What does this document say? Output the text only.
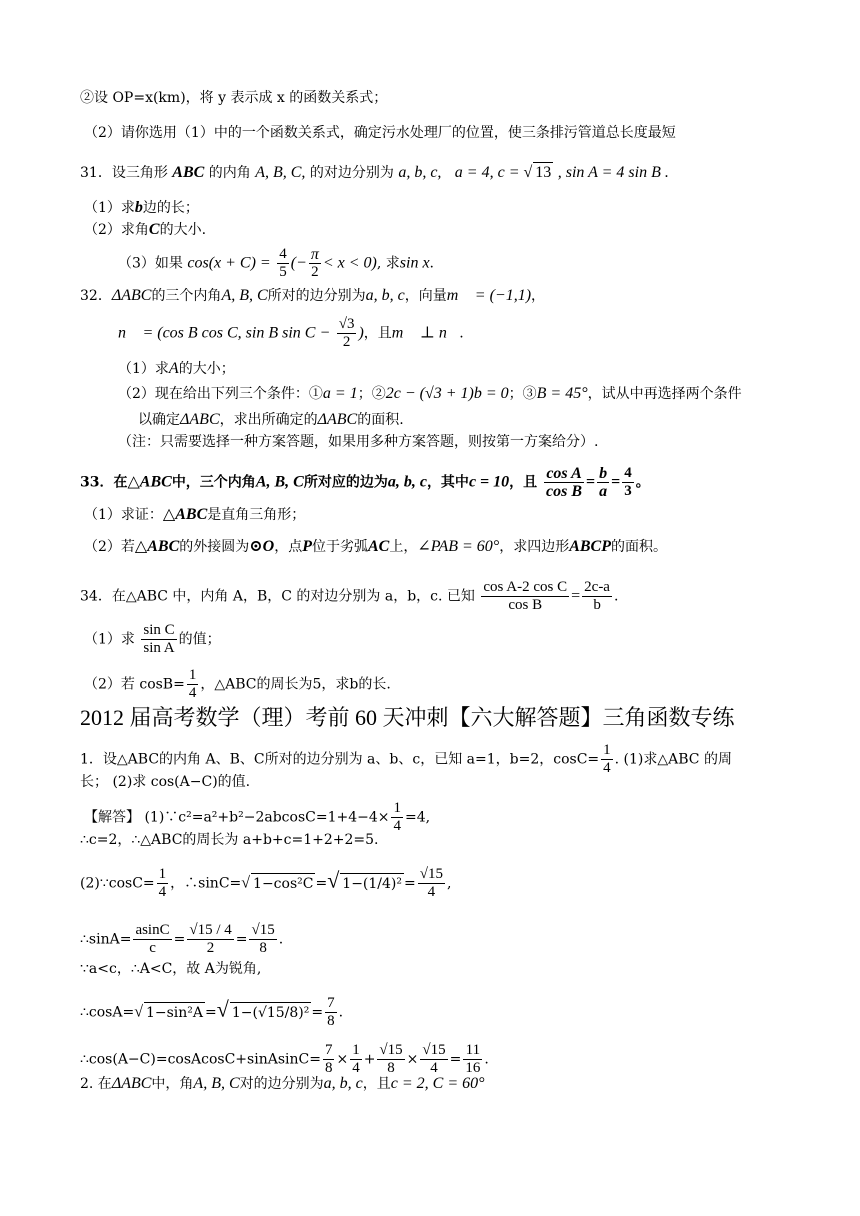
②设 OP=x(km)，将 y 表示成 x 的函数关系式；
（2）请你选用（1）中的一个函数关系式，确定污水处理厂的位置，使三条排污管道总长度最短
31．设三角形 ABC 的内角 A, B, C, 的对边分别为 a, b, c, a = 4, c = √ 13 , sin A = 4 sin B .
（1）求b边的长；
（2）求角C的大小.
（3）如果 $\cos(x + C) = \frac{4}{5}$ (− $\frac{\pi}{2} < x < 0$), 求sin x.
32．ΔABC的三个内角A, B, C所对的边分别为a, b, c，向量m⃗ = (−1,1)，
n⃗ = (cos B cos C, sin B $\sin C - \frac{√3}{2}$ )，且m⃗ ⊥ n⃗.
（1）求A的大小；
（2）现在给出下列三个条件：①a = 1；②2c − (√3 + 1)b = 0；③B = 45°，试从中再选择两个条件
以确定ΔABC，求出所确定的ΔABC的面积.
（注：只需要选择一种方案答题，如果用多种方案答题，则按第一方案给分）.
33．在△ABC中，三个内角A, B, C所对应的边为a, b, c，其中c = 10，且 $\frac{\text{cos A}}{\text{cos B}} = \frac{b}{a} = \frac{4}{3}$ 。
（1）求证：△ABC是直角三角形；
（2）若△ABC的外接圆为⊙O，点P位于劣弧AC上，∠PAB = 60°，求四边形ABCP的面积。
34．在△ABC 中，内角 A，B，C 的对边分别为 a，b，c. 已知 $\frac{\text{cos A-2 cos C}}{\text{cos B}} = \frac{2c-a}{b}$ .
（1）求 $\frac{\text{sin C}}{\text{sin A}}$ 的值；
（2）若 $\cos B= \frac{1}{4}$ ，△ABC的周长为5，求b的长.
2012 届高考数学（理）考前 60 天冲刺【六大解答题】三角函数专练
1．设△ABC的内角 A、B、C所对的边分别为 a、b、c，已知 a=1，b=2，$\cos C= \frac{1}{4}$ . (1)求△ABC 的周
长； (2)求 cos(A−C)的值.
【解答】 (1)∵c²=a²+b²−2abcosC=1+4−4× $\frac{1}{4} =4$,
∴c=2，∴△ABC的周长为 a+b+c=1+2+2=5.
(2)∵cosC= $\frac{1}{4}$ ，∴sinC=√ 1−cos²C =√ $1-(1/4)^2 = \frac{√15}{4}$ ,
∴sinA= $\frac{asinC}{c} = \frac{√15 / 4}{2} = \frac{√15}{8}$ .
∵a<c，∴A<C，故 A为锐角,
∴cosA=√ 1−sin²A =√ $1-(√15/8)^2 = \frac{7}{8}$ .
∴cos(A−C)=cosAcosC+sinAsinC= $\frac{7}{8} \times \frac{1}{4} + \frac{√15}{8} \times \frac{√15}{4} = \frac{11}{16}$ .
2. 在ΔABC中，角A, B, C对的边分别为a, b, c，且c = 2, C = 60°
